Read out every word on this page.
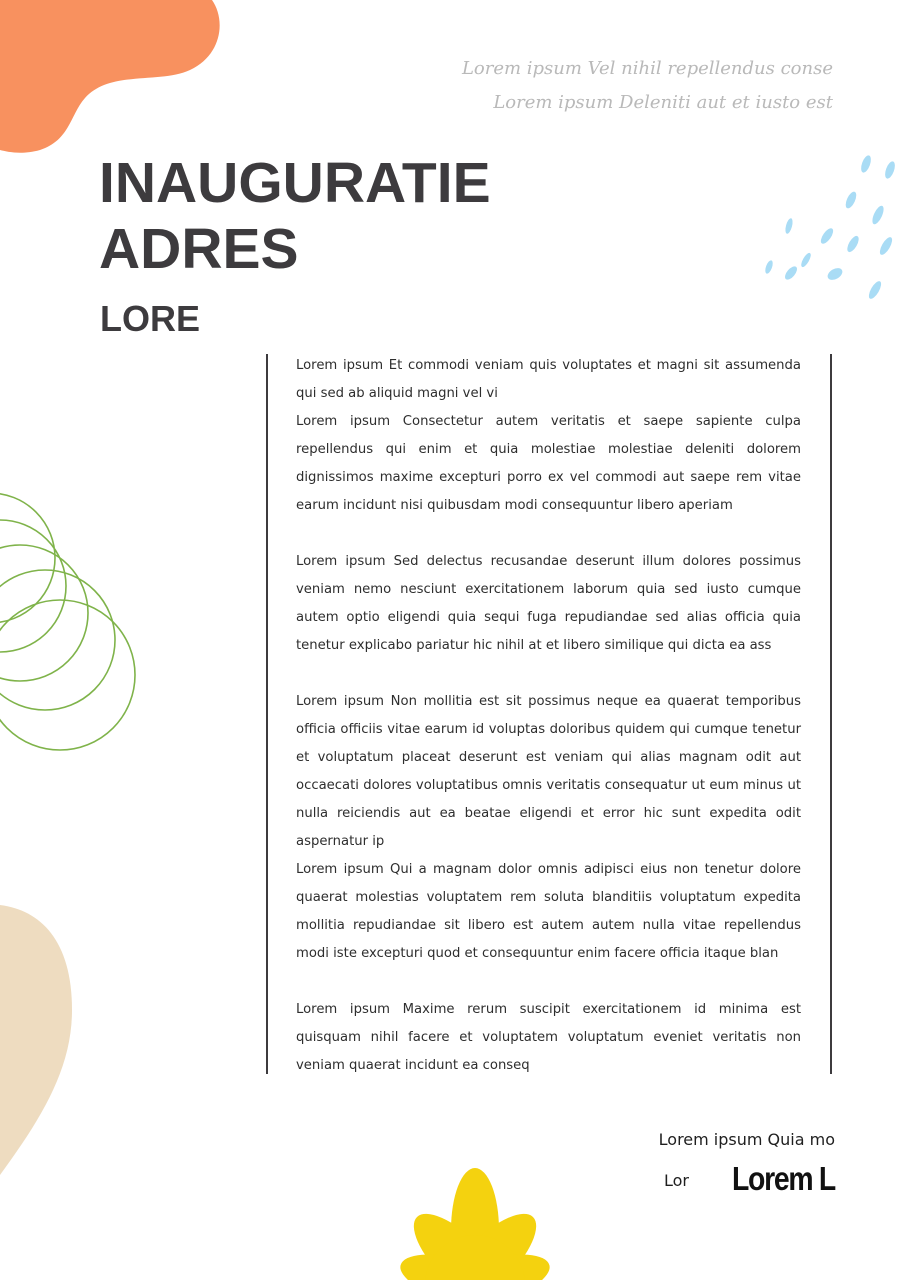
Lorem ipsum Vel nihil repellendus conse
Lorem ipsum Deleniti aut et iusto est
INAUGURATIE
ADRES
LORE

Lorem ipsum Et commodi veniam quis voluptates et magni sit assumenda qui sed ab aliquid magni vel vi

Lorem ipsum Consectetur autem veritatis et saepe sapiente culpa repellendus qui enim et quia molestiae molestiae deleniti dolorem dignissimos maxime excepturi porro ex vel commodi aut saepe rem vitae earum incidunt nisi quibusdam modi consequuntur libero aperiam

Lorem ipsum Sed delectus recusandae deserunt illum dolores possimus veniam nemo nesciunt exercitationem laborum quia sed iusto cumque autem optio eligendi quia sequi fuga repudiandae sed alias officia quia tenetur explicabo pariatur hic nihil at et libero similique qui dicta ea ass

Lorem ipsum Non mollitia est sit possimus neque ea quaerat temporibus officia officiis vitae earum id voluptas doloribus quidem qui cumque tenetur et voluptatum placeat deserunt est veniam qui alias magnam odit aut occaecati dolores voluptatibus omnis veritatis consequatur ut eum minus ut nulla reiciendis aut ea beatae eligendi et error hic sunt expedita odit aspernatur ip

Lorem ipsum Qui a magnam dolor omnis adipisci eius non tenetur dolore quaerat molestias voluptatem rem soluta blanditiis voluptatum expedita mollitia repudiandae sit libero est autem autem nulla vitae repellendus modi iste excepturi quod et consequuntur enim facere officia itaque blan

Lorem ipsum Maxime rerum suscipit exercitationem id minima est quisquam nihil facere et voluptatem voluptatum eveniet veritatis non veniam quaerat incidunt ea conseq

Lorem ipsum Quia mo
Lor Lorem L
